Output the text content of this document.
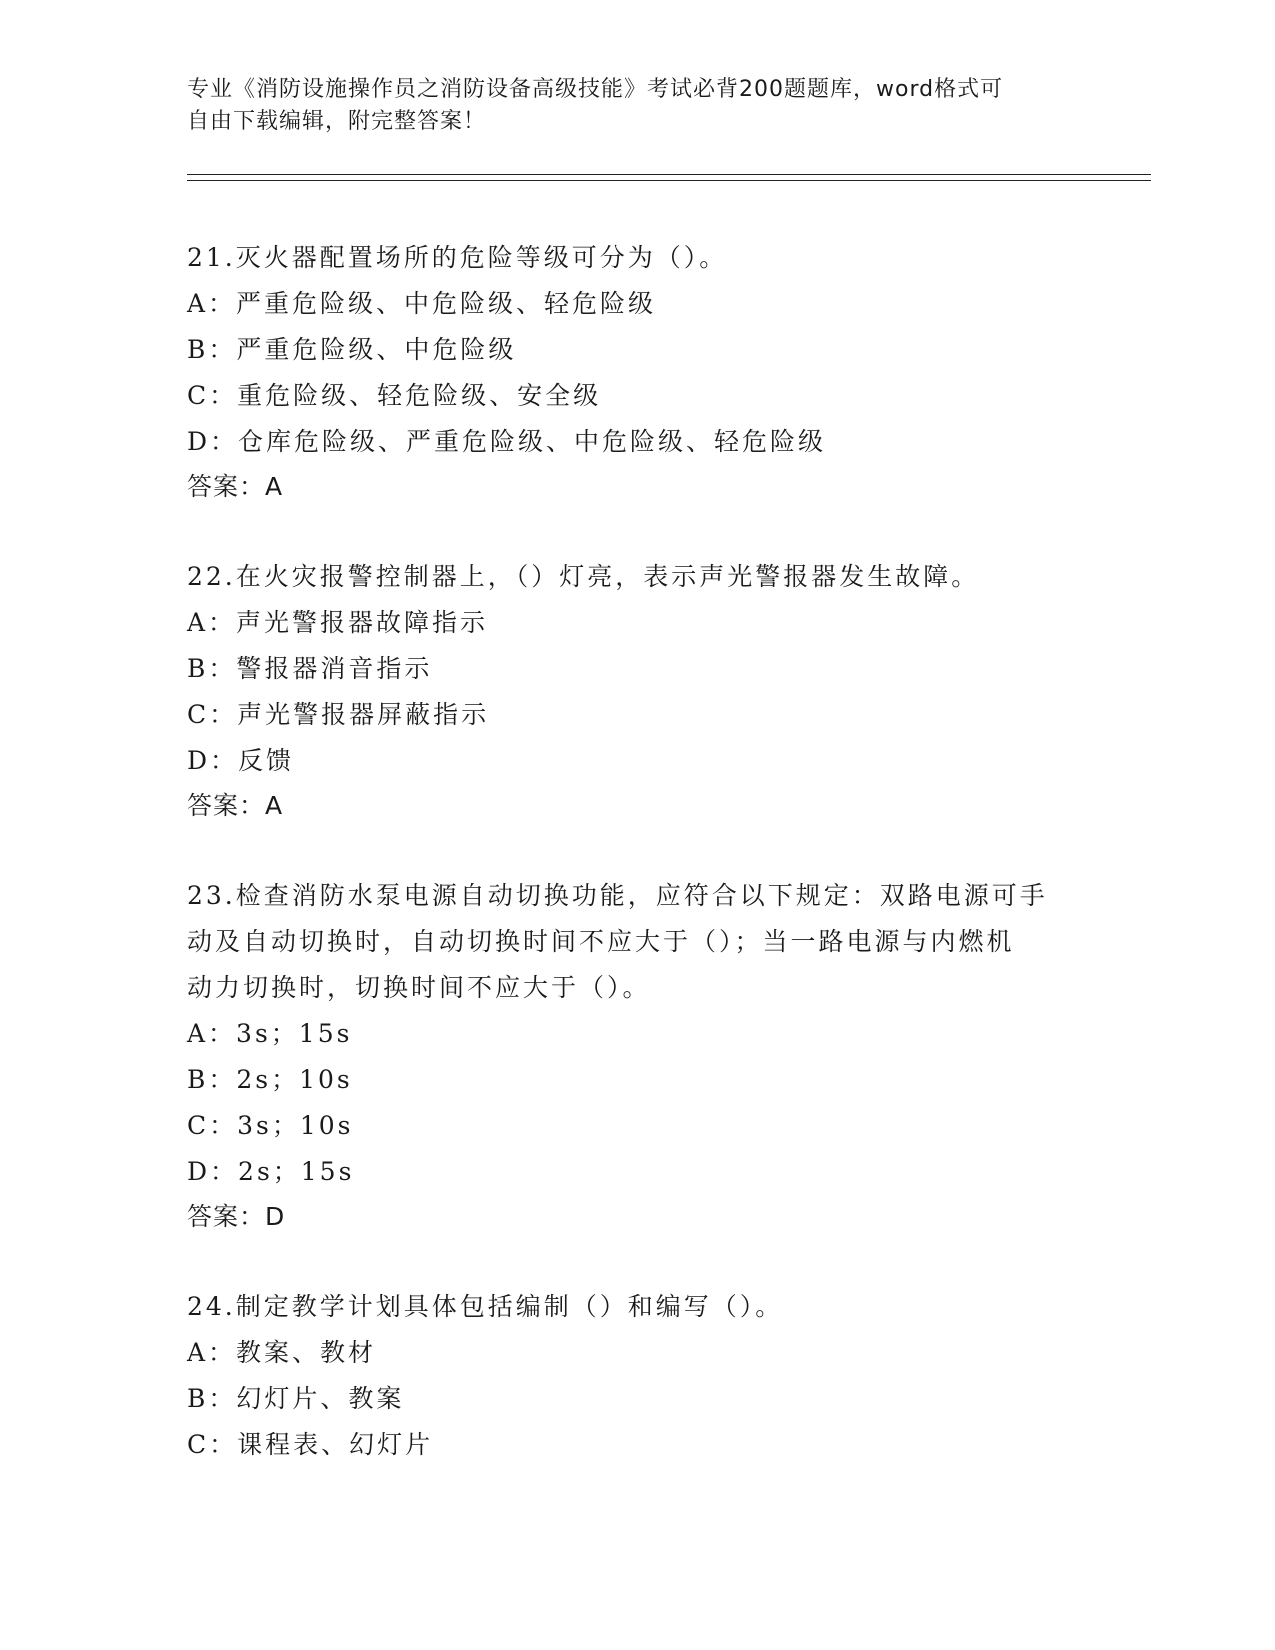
专业《消防设施操作员之消防设备高级技能》考试必背200题题库，word格式可
自由下载编辑，附完整答案！
21.灭火器配置场所的危险等级可分为（）。
A：严重危险级、中危险级、轻危险级
B：严重危险级、中危险级
C：重危险级、轻危险级、安全级
D：仓库危险级、严重危险级、中危险级、轻危险级
答案：A
22.在火灾报警控制器上，（）灯亮，表示声光警报器发生故障。
A：声光警报器故障指示
B：警报器消音指示
C：声光警报器屏蔽指示
D：反馈
答案：A
23.检查消防水泵电源自动切换功能，应符合以下规定：双路电源可手
动及自动切换时，自动切换时间不应大于（）；当一路电源与内燃机
动力切换时，切换时间不应大于（）。
A：3s；15s
B：2s；10s
C：3s；10s
D：2s；15s
答案：D
24.制定教学计划具体包括编制（）和编写（）。
A：教案、教材
B：幻灯片、教案
C：课程表、幻灯片
